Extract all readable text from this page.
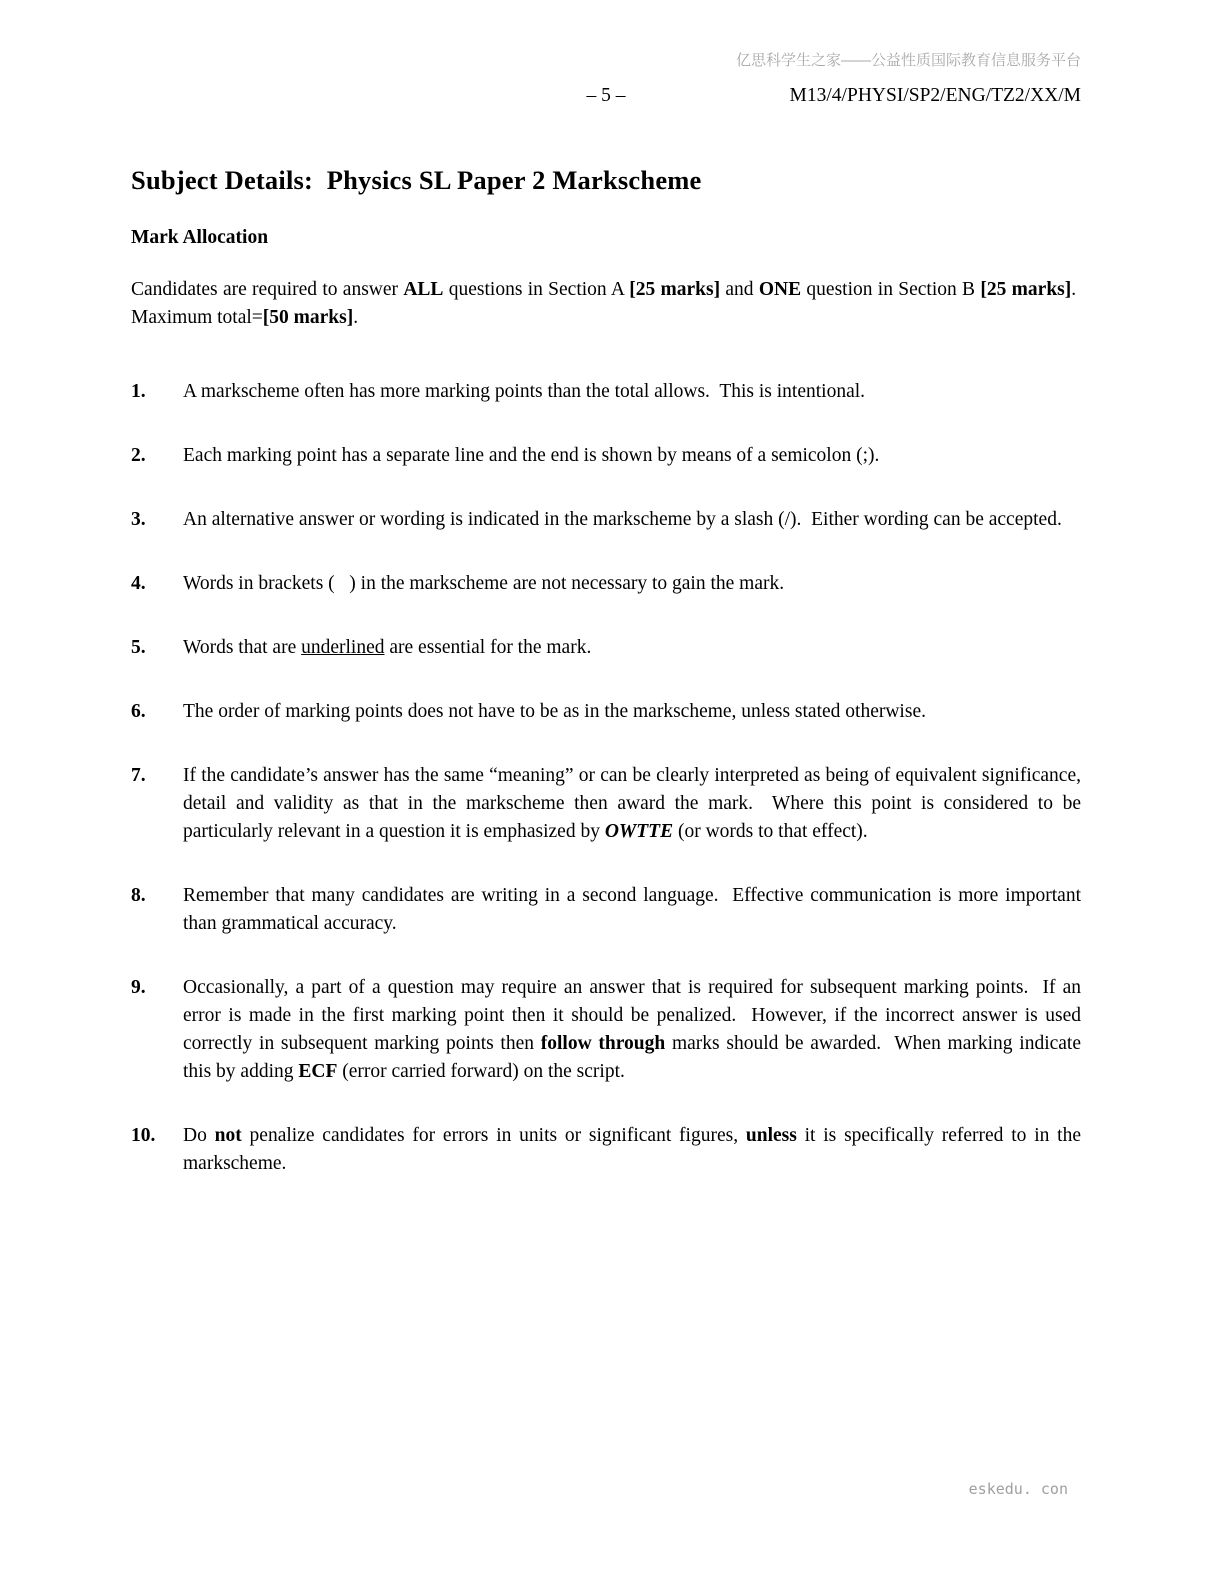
亿思科学生之家——公益性质国际教育信息服务平台
– 5 –	M13/4/PHYSI/SP2/ENG/TZ2/XX/M
Subject Details:  Physics SL Paper 2 Markscheme
Mark Allocation
Candidates are required to answer ALL questions in Section A [25 marks] and ONE question in Section B [25 marks].  Maximum total=[50 marks].
1.	A markscheme often has more marking points than the total allows.  This is intentional.
2.	Each marking point has a separate line and the end is shown by means of a semicolon (;).
3.	An alternative answer or wording is indicated in the markscheme by a slash (/).  Either wording can be accepted.
4.	Words in brackets (   ) in the markscheme are not necessary to gain the mark.
5.	Words that are underlined are essential for the mark.
6.	The order of marking points does not have to be as in the markscheme, unless stated otherwise.
7.	If the candidate’s answer has the same “meaning” or can be clearly interpreted as being of equivalent significance, detail and validity as that in the markscheme then award the mark.  Where this point is considered to be particularly relevant in a question it is emphasized by OWTTE (or words to that effect).
8.	Remember that many candidates are writing in a second language.  Effective communication is more important than grammatical accuracy.
9.	Occasionally, a part of a question may require an answer that is required for subsequent marking points.  If an error is made in the first marking point then it should be penalized.  However, if the incorrect answer is used correctly in subsequent marking points then follow through marks should be awarded.  When marking indicate this by adding ECF (error carried forward) on the script.
10.	Do not penalize candidates for errors in units or significant figures, unless it is specifically referred to in the markscheme.
eskedu. con
